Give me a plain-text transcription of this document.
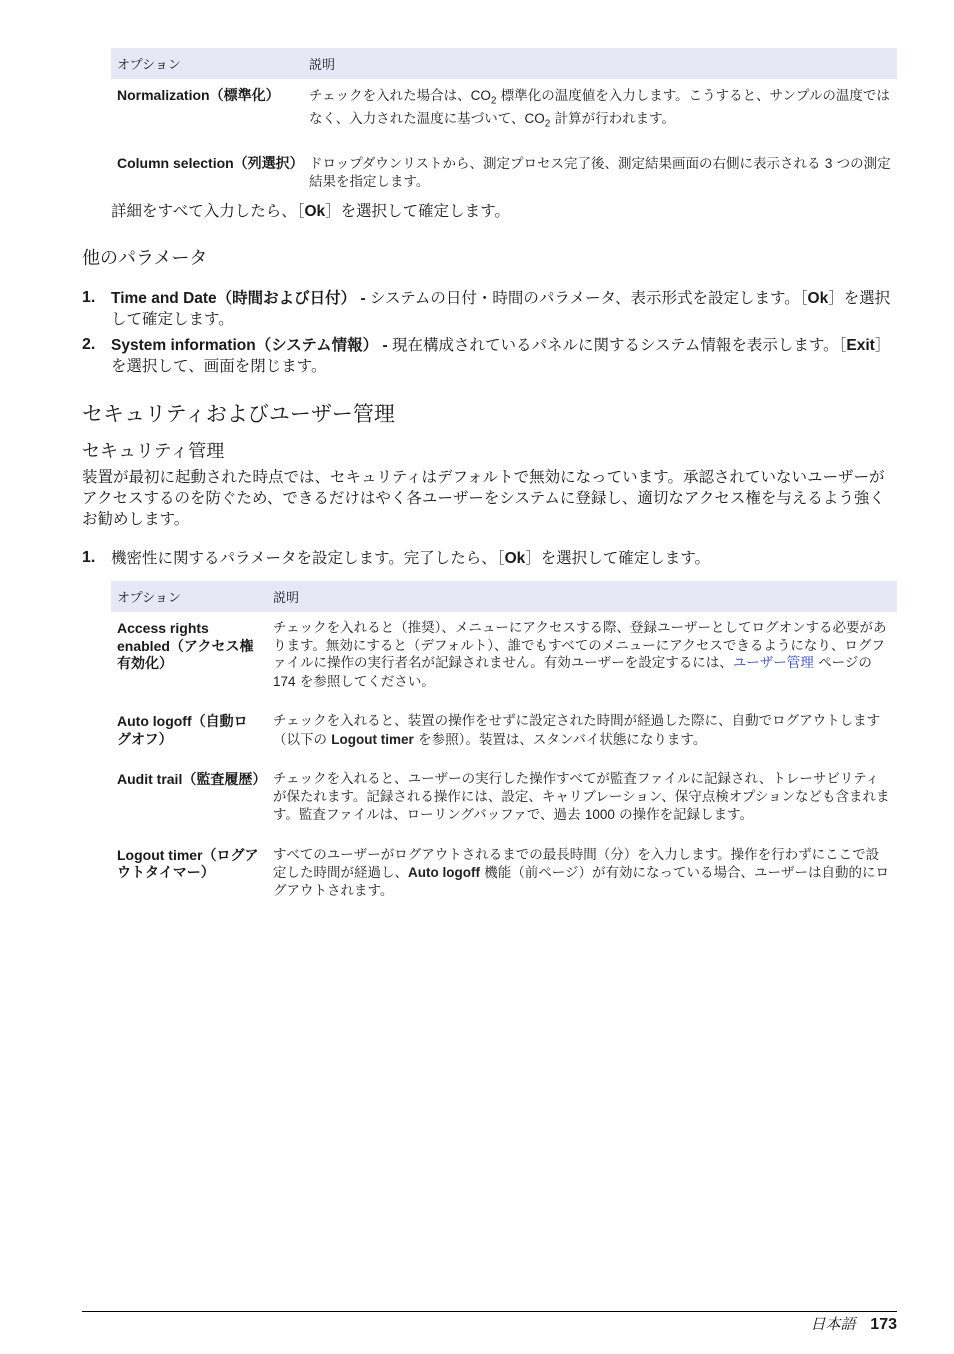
オプション	説明
Normalization（標準化）	チェックを入れた場合は、$CO_2$ 標準化の温度値を入力します。こうすると、サンプルの温度ではなく、入力された温度に基づいて、$CO_2$ 計算が行われます。
Column selection（列選択）	ドロップダウンリストから、測定プロセス完了後、測定結果画面の右側に表示される 3 つの測定結果を指定します。
詳細をすべて入力したら、［Ok］を選択して確定します。
他のパラメータ
1. Time and Date（時間および日付） - システムの日付・時間のパラメータ、表示形式を設定します。［Ok］を選択して確定します。
2. System information（システム情報） - 現在構成されているパネルに関するシステム情報を表示します。［Exit］を選択して、画面を閉じます。
セキュリティおよびユーザー管理
セキュリティ管理

装置が最初に起動された時点では、セキュリティはデフォルトで無効になっています。承認されていないユーザーがアクセスするのを防ぐため、できるだけはやく各ユーザーをシステムに登録し、適切なアクセス権を与えるよう強くお勧めします。

1. 機密性に関するパラメータを設定します。完了したら、［Ok］を選択して確定します。
オプション	説明
Access rights enabled（アクセス権有効化）	チェックを入れると（推奨）、メニューにアクセスする際、登録ユーザーとしてログオンする必要があります。無効にすると（デフォルト）、誰でもすべてのメニューにアクセスできるようになり、ログファイルに操作の実行者名が記録されません。有効ユーザーを設定するには、ユーザー管理 ページの 174 を参照してください。
Auto logoff（自動ログオフ）	チェックを入れると、装置の操作をせずに設定された時間が経過した際に、自動でログアウトします（以下の Logout timer を参照）。装置は、スタンバイ状態になります。
Audit trail（監査履歴）	チェックを入れると、ユーザーの実行した操作すべてが監査ファイルに記録され、トレーサビリティが保たれます。記録される操作には、設定、キャリブレーション、保守点検オプションなども含まれます。監査ファイルは、ローリングバッファで、過去 1000 の操作を記録します。
Logout timer（ログアウトタイマー）	すべてのユーザーがログアウトされるまでの最長時間（分）を入力します。操作を行わずにここで設定した時間が経過し、Auto logoff 機能（前ページ）が有効になっている場合、ユーザーは自動的にログアウトされます。
日本語 173
